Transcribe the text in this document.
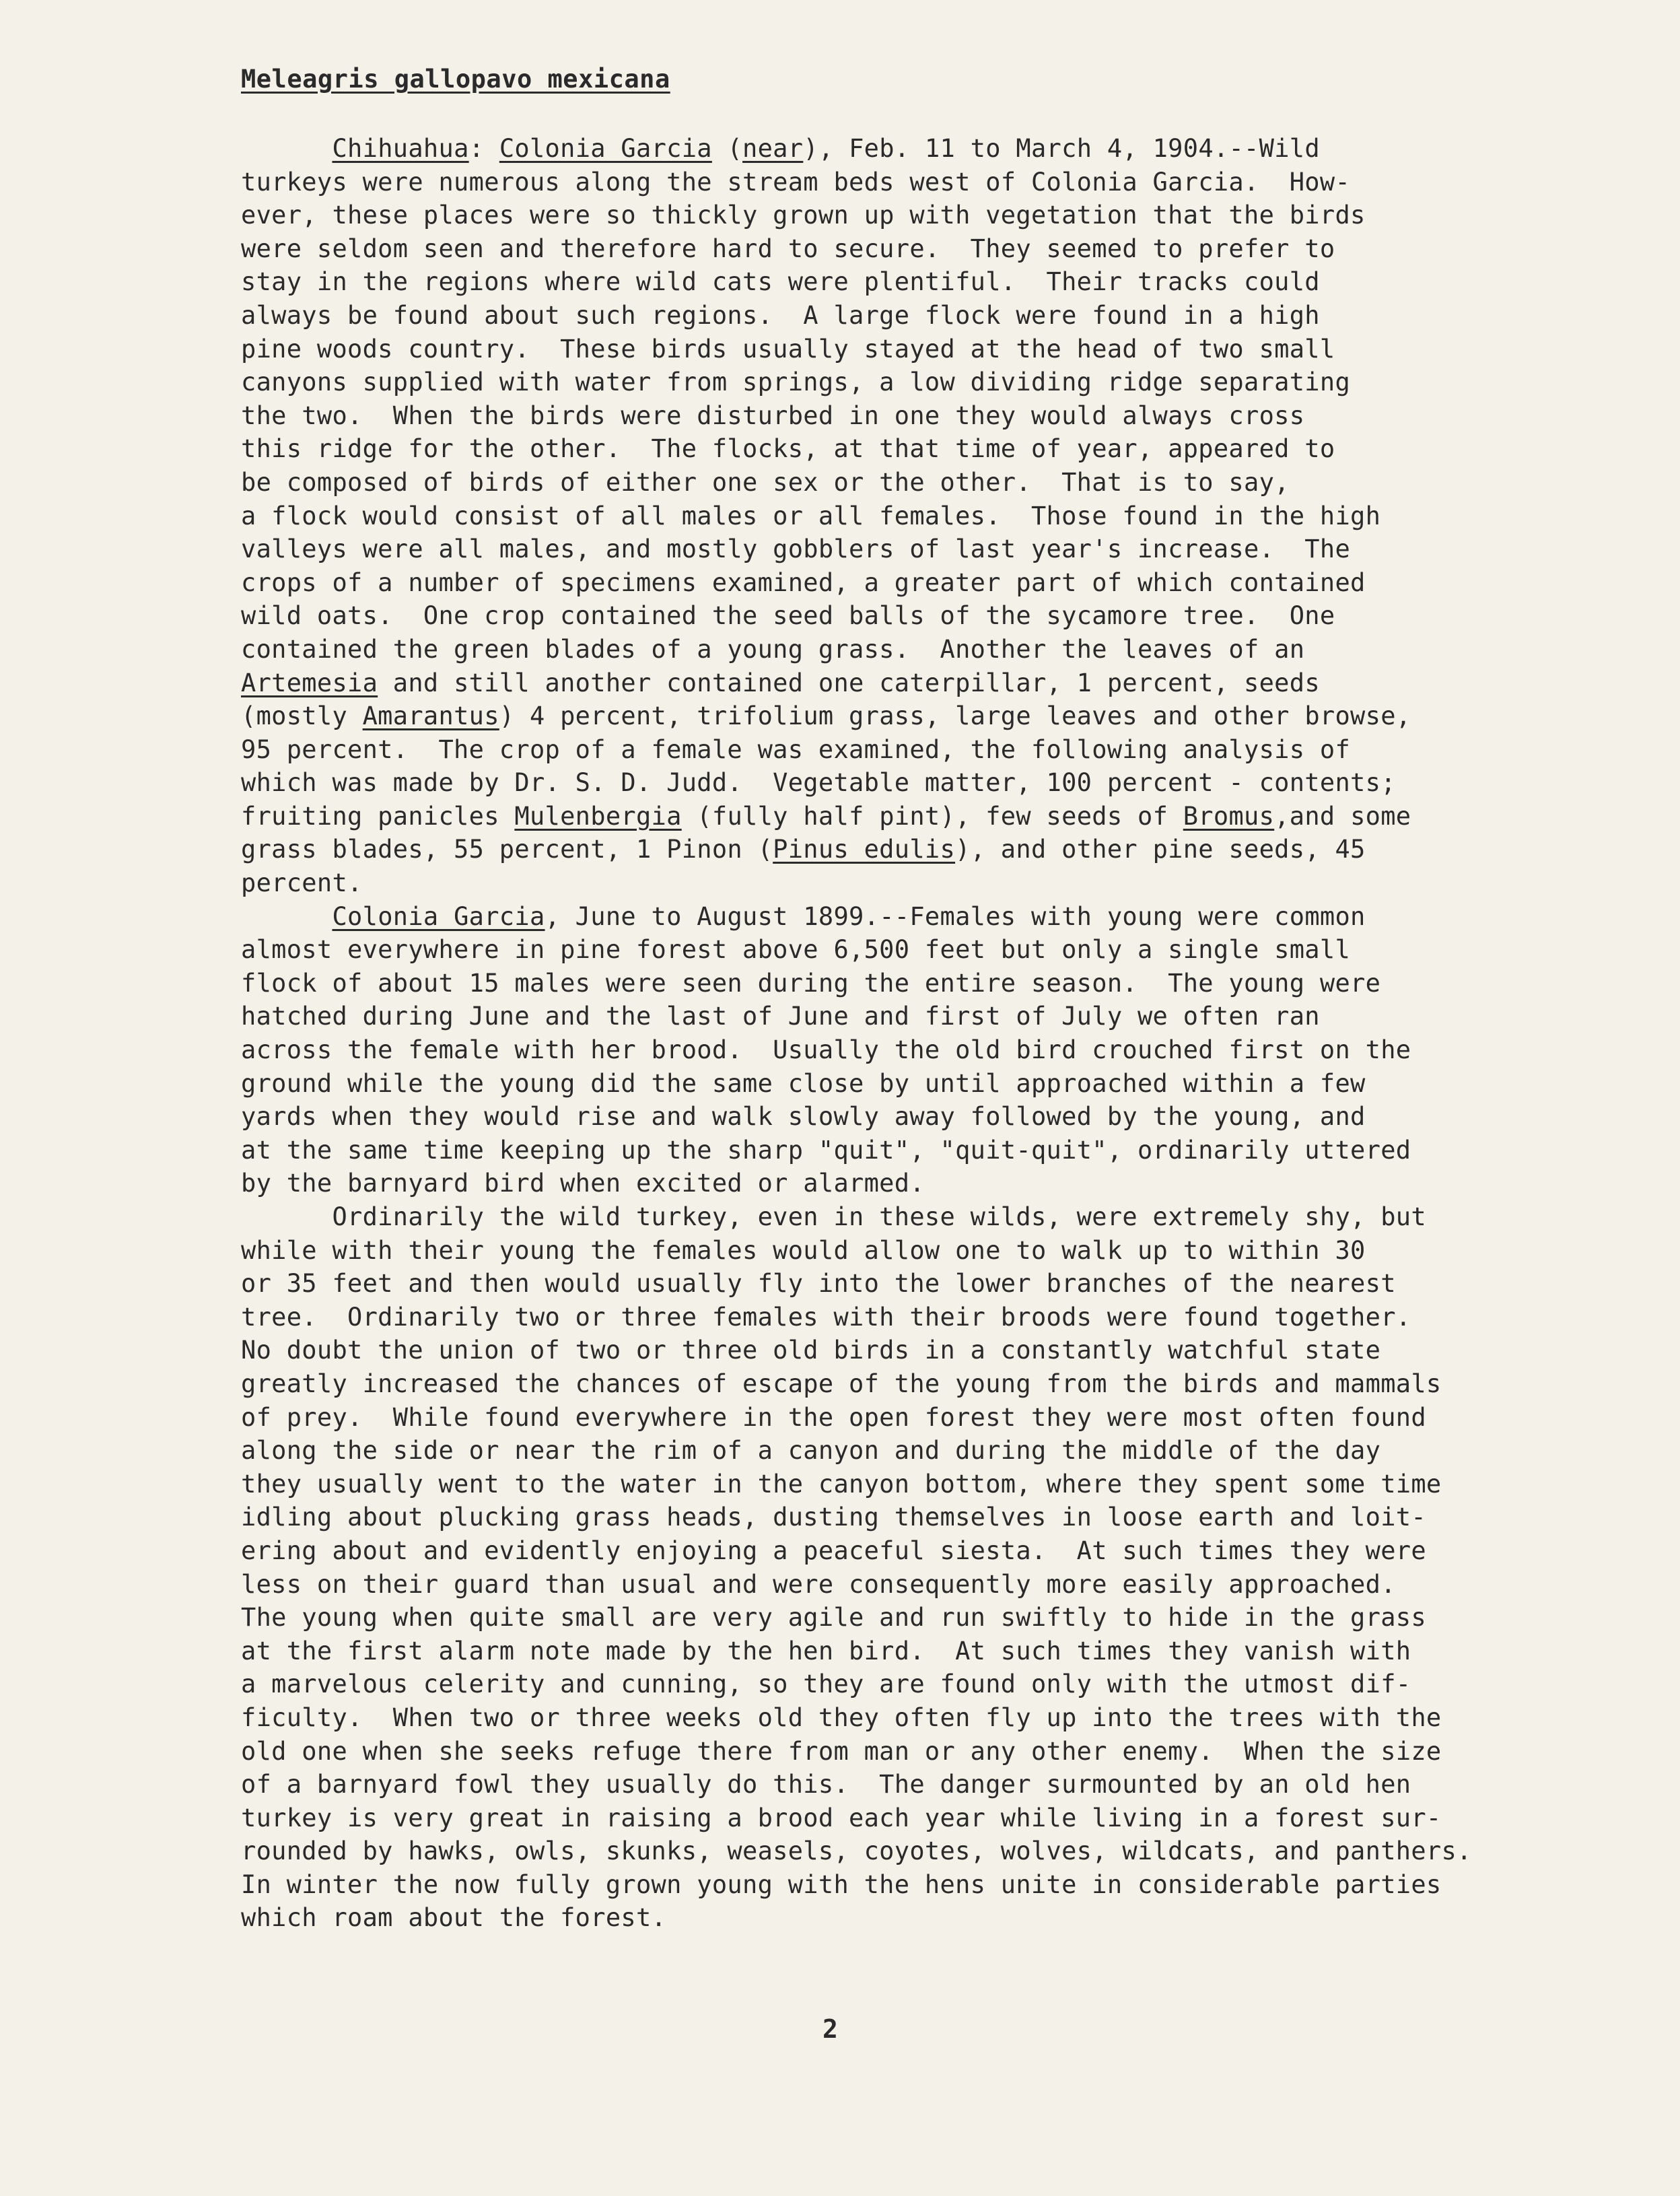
Meleagris gallopavo mexicana
Chihuahua: Colonia Garcia (near), Feb. 11 to March 4, 1904.--Wild
turkeys were numerous along the stream beds west of Colonia Garcia.  How-
ever, these places were so thickly grown up with vegetation that the birds
were seldom seen and therefore hard to secure.  They seemed to prefer to
stay in the regions where wild cats were plentiful.  Their tracks could
always be found about such regions.  A large flock were found in a high
pine woods country.  These birds usually stayed at the head of two small
canyons supplied with water from springs, a low dividing ridge separating
the two.  When the birds were disturbed in one they would always cross
this ridge for the other.  The flocks, at that time of year, appeared to
be composed of birds of either one sex or the other.  That is to say,
a flock would consist of all males or all females.  Those found in the high
valleys were all males, and mostly gobblers of last year's increase.  The
crops of a number of specimens examined, a greater part of which contained
wild oats.  One crop contained the seed balls of the sycamore tree.  One
contained the green blades of a young grass.  Another the leaves of an
Artemesia and still another contained one caterpillar, 1 percent, seeds
(mostly Amarantus) 4 percent, trifolium grass, large leaves and other browse,
95 percent.  The crop of a female was examined, the following analysis of
which was made by Dr. S. D. Judd.  Vegetable matter, 100 percent - contents;
fruiting panicles Mulenbergia (fully half pint), few seeds of Bromus,and some
grass blades, 55 percent, 1 Pinon (Pinus edulis), and other pine seeds, 45
percent.
Colonia Garcia, June to August 1899.--Females with young were common
almost everywhere in pine forest above 6,500 feet but only a single small
flock of about 15 males were seen during the entire season.  The young were
hatched during June and the last of June and first of July we often ran
across the female with her brood.  Usually the old bird crouched first on the
ground while the young did the same close by until approached within a few
yards when they would rise and walk slowly away followed by the young, and
at the same time keeping up the sharp "quit", "quit-quit", ordinarily uttered
by the barnyard bird when excited or alarmed.
Ordinarily the wild turkey, even in these wilds, were extremely shy, but
while with their young the females would allow one to walk up to within 30
or 35 feet and then would usually fly into the lower branches of the nearest
tree.  Ordinarily two or three females with their broods were found together.
No doubt the union of two or three old birds in a constantly watchful state
greatly increased the chances of escape of the young from the birds and mammals
of prey.  While found everywhere in the open forest they were most often found
along the side or near the rim of a canyon and during the middle of the day
they usually went to the water in the canyon bottom, where they spent some time
idling about plucking grass heads, dusting themselves in loose earth and loit-
ering about and evidently enjoying a peaceful siesta.  At such times they were
less on their guard than usual and were consequently more easily approached.
The young when quite small are very agile and run swiftly to hide in the grass
at the first alarm note made by the hen bird.  At such times they vanish with
a marvelous celerity and cunning, so they are found only with the utmost dif-
ficulty.  When two or three weeks old they often fly up into the trees with the
old one when she seeks refuge there from man or any other enemy.  When the size
of a barnyard fowl they usually do this.  The danger surmounted by an old hen
turkey is very great in raising a brood each year while living in a forest sur-
rounded by hawks, owls, skunks, weasels, coyotes, wolves, wildcats, and panthers.
In winter the now fully grown young with the hens unite in considerable parties
which roam about the forest.
2
